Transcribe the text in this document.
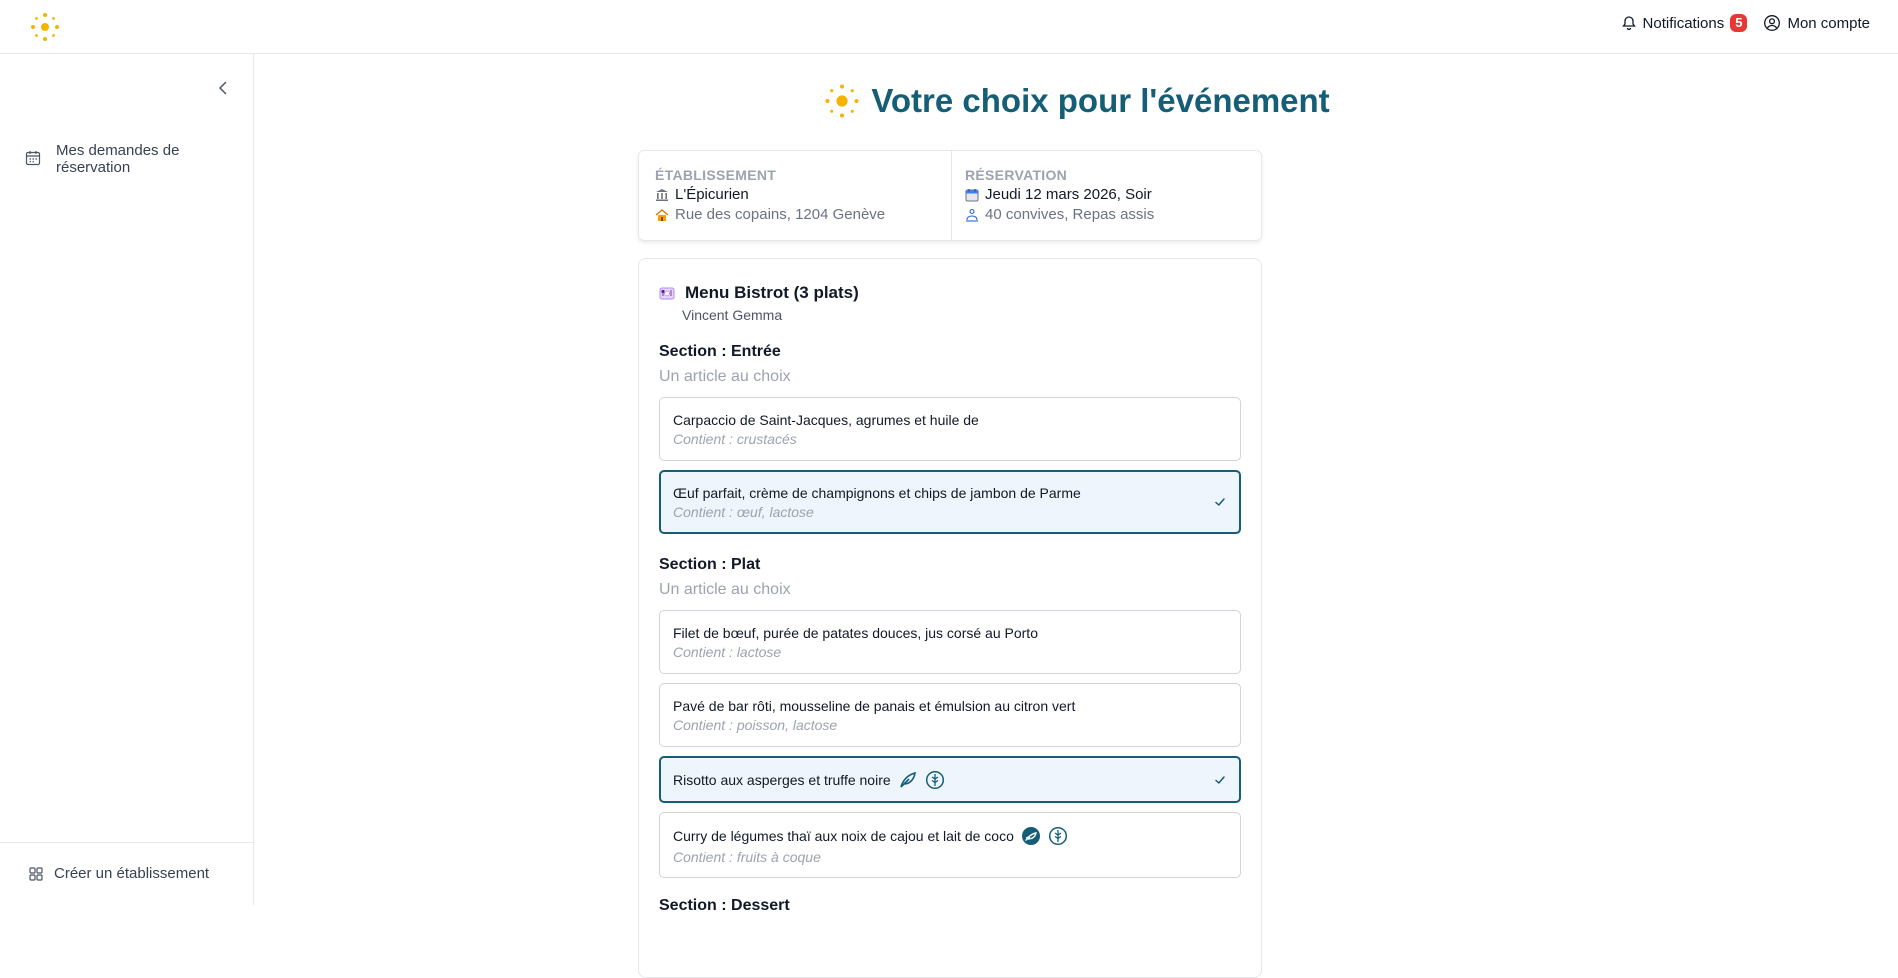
Notifications 5	Mon compte
Mes demandes de réservation
Créer un établissement
Votre choix pour l'événement
ÉTABLISSEMENT
L'Épicurien
Rue des copains, 1204 Genève
RÉSERVATION
Jeudi 12 mars 2026, Soir
40 convives, Repas assis
Menu Bistrot (3 plats)
Vincent Gemma
Section : Entrée
Un article au choix
Carpaccio de Saint-Jacques, agrumes et huile de
Contient : crustacés
Œuf parfait, crème de champignons et chips de jambon de Parme
Contient : œuf, lactose
Section : Plat
Un article au choix
Filet de bœuf, purée de patates douces, jus corsé au Porto
Contient : lactose
Pavé de bar rôti, mousseline de panais et émulsion au citron vert
Contient : poisson, lactose
Risotto aux asperges et truffe noire
Curry de légumes thaï aux noix de cajou et lait de coco
Contient : fruits à coque
Section : Dessert
